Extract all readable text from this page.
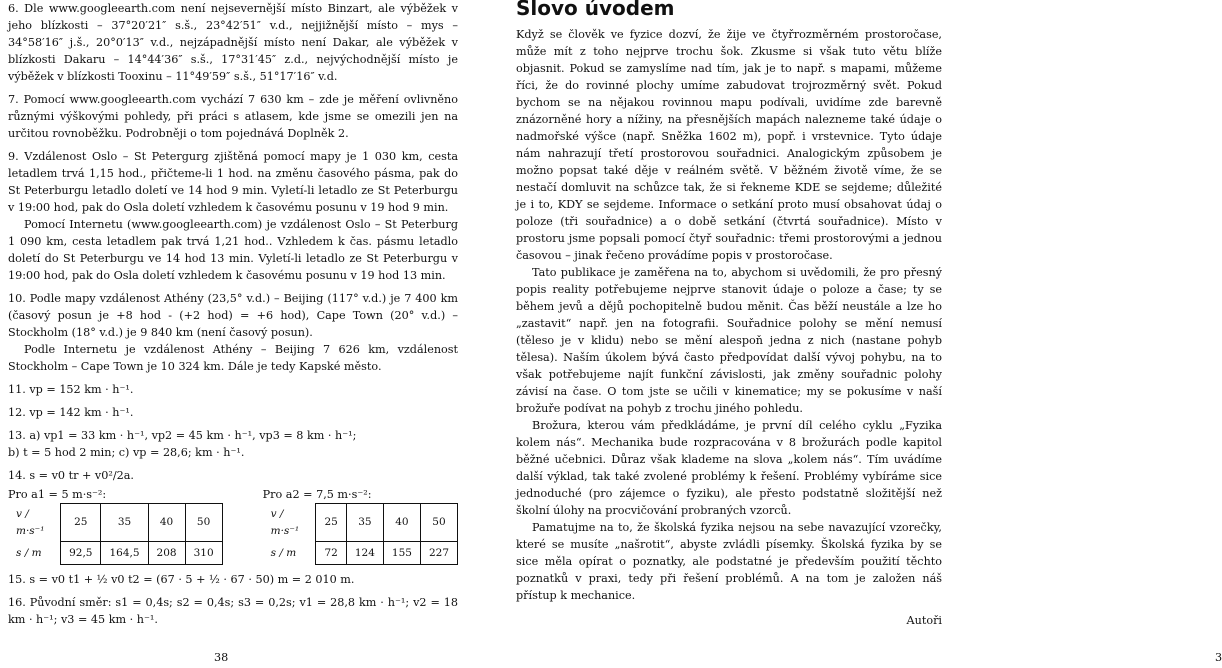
6. Dle www.googleearth.com není nejsevernější místo Binzart, ale výběžek v jeho blízkosti – 37°20′21″ s.š., 23°42′51″ v.d., nejjižnější místo – mys – 34°58′16″ j.š., 20°0′13″ v.d., nejzápadnější místo není Dakar, ale výběžek v blízkosti Dakaru – 14°44′36″ s.š., 17°31′45″ z.d., nejvýchodnější místo je výběžek v blízkosti Tooxinu – 11°49′59″ s.š., 51°17′16″ v.d.

7. Pomocí www.googleearth.com vychází 7 630 km – zde je měření ovlivněno různými výškovými pohledy, při práci s atlasem, kde jsme se omezili jen na určitou rovnoběžku. Podrobněji o tom pojednává Doplněk 2.

9. Vzdálenost Oslo – St Petergurg zjištěná pomocí mapy je 1 030 km, cesta letadlem trvá 1,15 hod., přičteme-li 1 hod. na změnu časového pásma, pak do St Peterburgu letadlo doletí ve 14 hod 9 min. Vyletí-li letadlo ze St Peterburgu v 19:00 hod, pak do Osla doletí vzhledem k časovému posunu v 19 hod 9 min.

Pomocí Internetu (www.googleearth.com) je vzdálenost Oslo – St Peterburg 1 090 km, cesta letadlem pak trvá 1,21 hod.. Vzhledem k čas. pásmu letadlo doletí do St Peterburgu ve 14 hod 13 min. Vyletí-li letadlo ze St Peterburgu v 19:00 hod, pak do Osla doletí vzhledem k časovému posunu v 19 hod 13 min.

10. Podle mapy vzdálenost Athény (23,5° v.d.) – Beijing (117° v.d.) je 7 400 km (časový posun je +8 hod - (+2 hod) = +6 hod), Cape Town (20° v.d.) – Stockholm (18° v.d.) je 9 840 km (není časový posun).

Podle Internetu je vzdálenost Athény – Beijing 7 626 km, vzdálenost Stockholm – Cape Town je 10 324 km. Dále je tedy Kapské město.

11. vp = 152 km · h⁻¹.

12. vp = 142 km · h⁻¹.

13. a) vp1 = 33 km · h⁻¹, vp2 = 45 km · h⁻¹, vp3 = 8 km · h⁻¹;

b) t = 5 hod 2 min; c) vp = 28,6; km · h⁻¹.

14. s = v0 tr + v0²/2a.

Pro a1 = 5 m·s⁻²:
v / m·s⁻¹	25	35	40	50
s / m	92,5	164,5	208	310
Pro a2 = 7,5 m·s⁻²:
v / m·s⁻¹	25	35	40	50
s / m	72	124	155	227

15. s = v0 t1 + ½ v0 t2 = (67 · 5 + ½ · 67 · 50) m = 2 010 m.

16. Původní směr: s1 = 0,4s; s2 = 0,4s; s3 = 0,2s; v1 = 28,8 km · h⁻¹; v2 = 18 km · h⁻¹; v3 = 45 km · h⁻¹.

38
Slovo úvodem

Když se člověk ve fyzice dozví, že žije ve čtyřrozměrném prostoročase, může mít z toho nejprve trochu šok. Zkusme si však tuto větu blíže objasnit. Pokud se zamyslíme nad tím, jak je to např. s mapami, můžeme říci, že do rovinné plochy umíme zabudovat trojrozměrný svět. Pokud bychom se na nějakou rovinnou mapu podívali, uvidíme zde barevně znázorněné hory a nížiny, na přesnějších mapách nalezneme také údaje o nadmořské výšce (např. Sněžka 1602 m), popř. i vrstevnice. Tyto údaje nám nahrazují třetí prostorovou souřadnici. Analogickým způsobem je možno popsat také děje v reálném světě. V běžném životě víme, že se nestačí domluvit na schůzce tak, že si řekneme KDE se sejdeme; důležité je i to, KDY se sejdeme. Informace o setkání proto musí obsahovat údaj o poloze (tři souřadnice) a o době setkání (čtvrtá souřadnice). Místo v prostoru jsme popsali pomocí čtyř souřadnic: třemi prostorovými a jednou časovou – jinak řečeno provádíme popis v prostoročase.

Tato publikace je zaměřena na to, abychom si uvědomili, že pro přesný popis reality potřebujeme nejprve stanovit údaje o poloze a čase; ty se během jevů a dějů pochopitelně budou měnit. Čas běží neustále a lze ho „zastavit“ např. jen na fotografii. Souřadnice polohy se mění nemusí (těleso je v klidu) nebo se mění alespoň jedna z nich (nastane pohyb tělesa). Naším úkolem bývá často předpovídat další vývoj pohybu, na to však potřebujeme najít funkční závislosti, jak změny souřadnic polohy závisí na čase. O tom jste se učili v kinematice; my se pokusíme v naší brožuře podívat na pohyb z trochu jiného pohledu.

Brožura, kterou vám předkládáme, je první díl celého cyklu „Fyzika kolem nás“. Mechanika bude rozpracována v 8 brožurách podle kapitol běžné učebnici. Důraz však klademe na slova „kolem nás“. Tím uvádíme další výklad, tak také zvolené problémy k řešení. Problémy vybíráme sice jednoduché (pro zájemce o fyziku), ale přesto podstatně složitější než školní úlohy na procvičování probraných vzorců.

Pamatujme na to, že školská fyzika nejsou na sebe navazující vzorečky, které se musíte „našrotit“, abyste zvládli písemky. Školská fyzika by se sice měla opírat o poznatky, ale podstatné je především použití těchto poznatků v praxi, tedy při řešení problémů. A na tom je založen náš přístup k mechanice.

Autoři

3
